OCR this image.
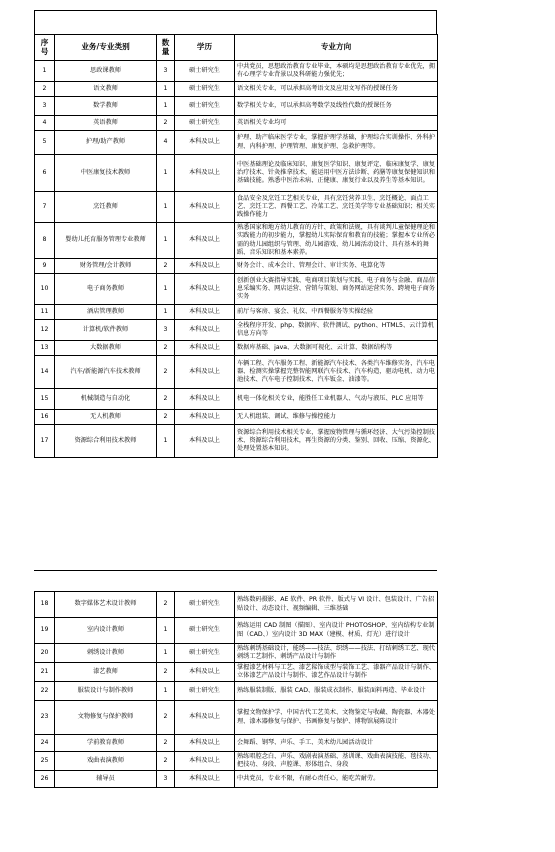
序号	业务/专业类别	数量	学历	专业方向
1	思政课教师	3	硕士研究生	中共党员，思想政治教育专业毕业，本硕均是思想政治教育专业优先，拥有心理学专业背景以及科研能力强优先；
2	语文教师	1	硕士研究生	语文相关专业，可以承担高考语文及应用文写作的授课任务
3	数学教师	1	硕士研究生	数学相关专业，可以承担高考数学及线性代数的授课任务
4	英语教师	2	硕士研究生	英语相关专业均可
5	护理/助产教师	4	本科及以上	护理、助产临床医学专业，掌握护理学基础，护理综合实训操作、外科护理、内科护理、护理管理、康复护理、急救护理等。
6	中医康复技术教师	1	本科及以上	中医基础理论及临床知识、康复医学知识、康复评定、临床康复学、康复治疗技术、针灸推拿技术，能运用中医方法诊断、药膳等康复保健知识和基础技能。熟悉中医治未病、正健康、康复行业以及养生等基本知识。
7	烹饪教师	1	本科及以上	食品安全及烹饪工艺相关专业，具有烹饪营养卫生、烹饪概论、面点工艺、烹饪工艺、西餐工艺、冷菜工艺、烹饪美学等专业基础知识；相关实践操作能力
8	婴幼儿托育服务管理专业教师	1	本科及以上	熟悉国家和地方幼儿教育的方针、政策和法规，具有谈判儿童保健理论和实践能力的初步能力，掌握幼儿实际保育和教育的技能；掌握本专业所必需的幼儿园组织与管理、幼儿园游戏、幼儿园活动设计、具有基本的舞蹈、音乐知识和基本素养。
9	财务管理/会计教师	2	本科及以上	财务会计、成本会计、管理会计、审计实务、电算化等
10	电子商务教师	1	本科及以上	创新创业大赛指导实践、电商项目策划与实践、电子商务与金融、商品信息采编实务、网店运营、营销与策划、商务网站运营实务、跨境电子商务实务
11	酒店管理教师	1	本科及以上	前厅与客房、宴会、礼仪、中西餐服务等实操经验
12	计算机/软件教师	3	本科及以上	全栈程序开发、php、数据库、软件测试、python、HTML5、云计算机信息方向等
13	大数据教师	2	本科及以上	数据库基础、java、大数据可视化、云计算、数据结构等
14	汽车/新能源汽车技术教师	2	本科及以上	车辆工程、汽车服务工程、新能源汽车技术、各类汽车维修实务，汽车电器、检测实操掌握完整智能网联汽车技术、汽车构造，驱动电机、动力电池技术、汽车电子控制技术、汽车钣金、油漆等。
15	机械制造与自动化	2	本科及以上	机电一体化相关专业，能胜任工业机器人、气动与液压、PLC 应用等
16	无人机教师	2	本科及以上	无人机组装、调试、维修与操控能力
17	资源综合利用技术教师	1	本科及以上	资源综合利用技术相关专业，掌握废物管理与循环经济、大气污染控制技术、资源综合利用技术，再生资源的分类、鉴别、回收、压缩、资源化、处理处置基本知识。
18	数字媒体艺术设计教师	2	硕士研究生	熟练数码摄影、AE 软件、PR 软件、版式与 VI 设计、包装设计、广告招贴设计、动态设计、视频编辑、三维基础
19	室内设计教师	1	硕士研究生	熟练运用 CAD 制图（描图）、室内设计 PHOTOSHOP、室内结构专业制图（CAD、）室内设计 3D MAX（建模、材质、灯光）进行设计
20	刺绣设计教师	1	硕士研究生	熟练刺绣基础设计，能绣——技法、织绣——技法、打结刺绣工艺、现代刺绣工艺制作、刺绣产品设计与制作
21	漆艺教师	2	本科及以上	掌握漆艺材料与工艺、漆艺髹饰成型与装饰工艺、漆器产品设计与制作、立体漆艺产品设计与制作、漆艺作品设计与制作
22	服装设计与制作教师	1	硕士研究生	熟练服装制版、服装 CAD、服装成衣制作、服装面料再造、毕业设计
23	文物修复与保护教师	2	本科及以上	掌握文物保护学、中国古代工艺美术、文物鉴定与收藏、陶瓷器、木器处理、漆木器修复与保护、书画修复与保护、博物馆展陈设计
24	学前教育教师	2	本科及以上	会舞蹈、钢琴、声乐、手工、美术幼儿园活动设计
25	戏曲表演教师	2	本科及以上	熟练唱腔念白、声乐、戏剧表演基础、基训课、戏曲表演技能、毯技功、把技功、身段、声腔课、形体组合、身段
26	辅导员	3	本科及以上	中共党员，专业不限，有耐心责任心，能吃苦耐劳。
